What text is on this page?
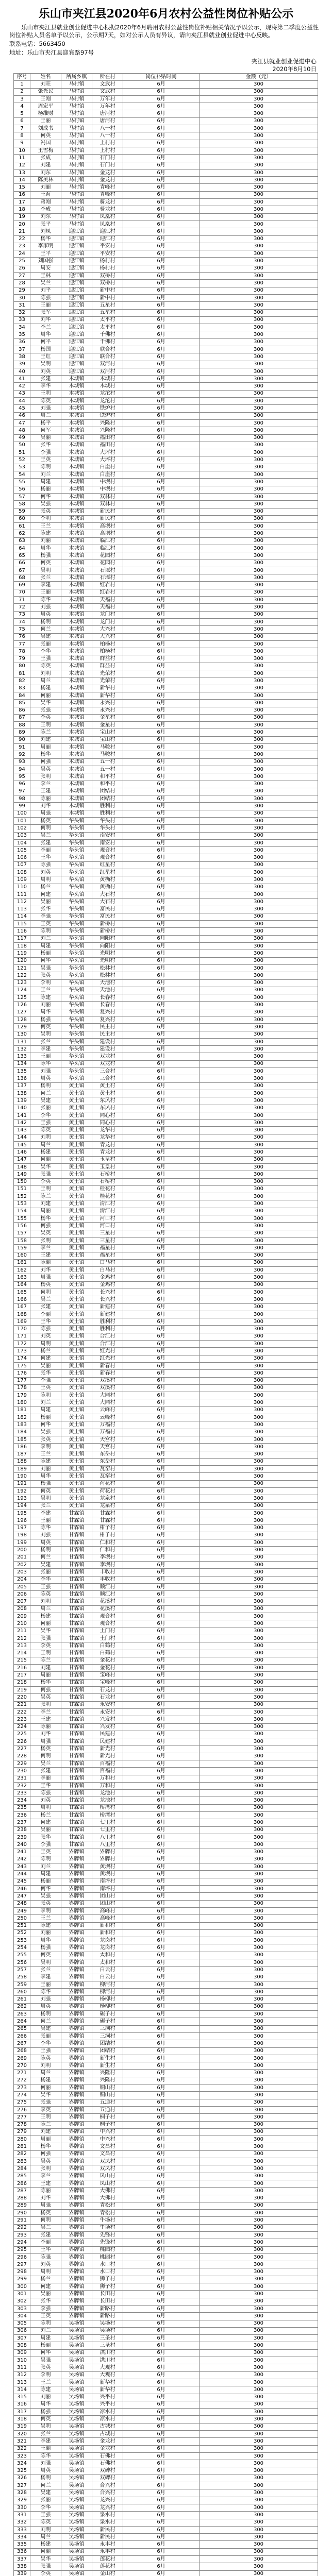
乐山市夹江县2020年6月农村公益性岗位补贴公示

乐山市夹江县就业创业促进中心根据2020年6月聘用农村公益性岗位补贴相关情况予以公示，现将第二季度公益性岗位补贴人员名单予以公示，公示期7天，如对公示人员有异议，请向夹江县就业创业促进中心反映。

联系电话：5663450
地址：乐山市夹江县迎宾路97号
夹江县就业创业促进中心
2020年8月10日
序号	姓名	所属乡镇	所在村	岗位补贴时间	金额（元）
1	刘旺	马村镇	文武村	6月	300
2	张光民	马村镇	文武村	6月	300
3	王刚	马村镇	万年村	6月	300
4	周宏平	马村镇	万年村	6月	300
5	杨维财	马村镇	唐河村	6月	300
6	王丽	马村镇	唐河村	6月	300
7	刘成书	马村镇	八一村	6月	300
8	何英	马村镇	八一村	6月	300
9	冯国	马村镇	上村村	6月	300
10	王雪梅	马村镇	上村村	6月	300
11	张成	马村镇	石门村	6月	300
12	刘建	马村镇	石门村	6月	300
13	刘东	马村镇	金龙村	6月	300
14	陈美林	马村镇	金龙村	6月	300
15	刘丽	马村镇	青峰村	6月	300
16	王海	马村镇	青峰村	6月	300
17	蒋刚	马村镇	骑龙村	6月	300
18	李成	马村镇	骑龙村	6月	300
19	刘东	马村镇	凤凰村	6月	300
20	张平	马村镇	凤凰村	6月	300
21	刘凤	迎江镇	迎江村	6月	300
22	杨华	迎江镇	迎江村	6月	300
23	李家明	迎江镇	平安村	6月	300
24	王平	迎江镇	平安村	6月	300
25	刘国强	迎江镇	杨村村	6月	300
26	周安	迎江镇	杨村村	6月	300
27	王林	迎江镇	双桥村	6月	300
28	吴兰	迎江镇	双桥村	6月	300
29	刘平	迎江镇	新中村	6月	300
30	陈强	迎江镇	新中村	6月	300
31	王丽	迎江镇	五星村	6月	300
32	张军	迎江镇	五星村	6月	300
33	刘华	迎江镇	太平村	6月	300
34	李兰	迎江镇	太平村	6月	300
35	周华	迎江镇	千佛村	6月	300
36	何平	迎江镇	千佛村	6月	300
37	杨国	迎江镇	联合村	6月	300
38	王红	迎江镇	联合村	6月	300
39	吴明	迎江镇	双河村	6月	300
40	刘英	迎江镇	双河村	6月	300
41	张建	木城镇	木城村	6月	300
42	李华	木城镇	木城村	6月	300
43	王明	木城镇	龙沱村	6月	300
44	陈英	木城镇	龙沱村	6月	300
45	刘强	木城镇	铁炉村	6月	300
46	周兰	木城镇	铁炉村	6月	300
47	杨平	木城镇	兴隆村	6月	300
48	何军	木城镇	兴隆村	6月	300
49	吴丽	木城镇	福田村	6月	300
50	张华	木城镇	福田村	6月	300
51	李强	木城镇	大坪村	6月	300
52	王英	木城镇	大坪村	6月	300
53	陈明	木城镇	白崖村	6月	300
54	刘兰	木城镇	白崖村	6月	300
55	周建	木城镇	中坝村	6月	300
56	杨丽	木城镇	中坝村	6月	300
57	何华	木城镇	双林村	6月	300
58	吴强	木城镇	双林村	6月	300
59	张英	木城镇	新民村	6月	300
60	李明	木城镇	新民村	6月	300
61	王兰	木城镇	高坝村	6月	300
62	陈建	木城镇	高坝村	6月	300
63	刘丽	木城镇	临江村	6月	300
64	周华	木城镇	临江村	6月	300
65	杨强	木城镇	花园村	6月	300
66	何英	木城镇	花园村	6月	300
67	吴明	木城镇	石堰村	6月	300
68	张兰	木城镇	石堰村	6月	300
69	李建	木城镇	红岩村	6月	300
70	王丽	木城镇	红岩村	6月	300
71	陈华	木城镇	天福村	6月	300
72	刘强	木城镇	天福村	6月	300
73	周英	木城镇	龙门村	6月	300
74	杨明	木城镇	龙门村	6月	300
75	何兰	木城镇	大兴村	6月	300
76	吴建	木城镇	大兴村	6月	300
77	张丽	木城镇	柏杨村	6月	300
78	李华	木城镇	柏杨村	6月	300
79	王强	木城镇	群益村	6月	300
80	陈英	木城镇	群益村	6月	300
81	刘明	木城镇	光荣村	6月	300
82	周兰	木城镇	光荣村	6月	300
83	杨建	木城镇	新华村	6月	300
84	何丽	木城镇	新华村	6月	300
85	吴华	木城镇	永兴村	6月	300
86	张强	木城镇	永兴村	6月	300
87	李英	木城镇	金星村	6月	300
88	王明	木城镇	金星村	6月	300
89	陈兰	木城镇	宝山村	6月	300
90	刘建	木城镇	宝山村	6月	300
91	周丽	木城镇	马鞍村	6月	300
92	杨华	木城镇	马鞍村	6月	300
93	何强	木城镇	五一村	6月	300
94	吴英	木城镇	五一村	6月	300
95	张明	木城镇	和平村	6月	300
96	李兰	木城镇	和平村	6月	300
97	王建	木城镇	团结村	6月	300
98	陈丽	木城镇	团结村	6月	300
99	刘华	木城镇	胜利村	6月	300
100	周强	木城镇	胜利村	6月	300
101	杨英	华头镇	华头村	6月	300
102	何明	华头镇	华头村	6月	300
103	吴兰	华头镇	南安村	6月	300
104	张建	华头镇	南安村	6月	300
105	李丽	华头镇	观音村	6月	300
106	王华	华头镇	观音村	6月	300
107	陈强	华头镇	红星村	6月	300
108	刘英	华头镇	红星村	6月	300
109	周明	华头镇	黄桷村	6月	300
110	杨兰	华头镇	黄桷村	6月	300
111	何建	华头镇	大石村	6月	300
112	吴丽	华头镇	大石村	6月	300
113	张华	华头镇	富民村	6月	300
114	李强	华头镇	富民村	6月	300
115	王英	华头镇	新桥村	6月	300
116	陈明	华头镇	新桥村	6月	300
117	刘兰	华头镇	向阳村	6月	300
118	周建	华头镇	向阳村	6月	300
119	杨丽	华头镇	光明村	6月	300
120	何华	华头镇	光明村	6月	300
121	吴强	华头镇	松林村	6月	300
122	张英	华头镇	松林村	6月	300
123	李明	华头镇	天池村	6月	300
124	王兰	华头镇	天池村	6月	300
125	陈建	华头镇	长春村	6月	300
126	刘丽	华头镇	长春村	6月	300
127	周华	华头镇	复兴村	6月	300
128	杨强	华头镇	复兴村	6月	300
129	何英	华头镇	民主村	6月	300
130	吴明	华头镇	民主村	6月	300
131	张兰	华头镇	建设村	6月	300
132	李建	华头镇	建设村	6月	300
133	王丽	华头镇	双龙村	6月	300
134	陈华	华头镇	双龙村	6月	300
135	刘强	华头镇	三合村	6月	300
136	周英	华头镇	三合村	6月	300
137	杨明	黄土镇	黄土村	6月	300
138	何兰	黄土镇	黄土村	6月	300
139	吴建	黄土镇	东风村	6月	300
140	张丽	黄土镇	东风村	6月	300
141	李华	黄土镇	同心村	6月	300
142	王强	黄土镇	同心村	6月	300
143	陈英	黄土镇	龙华村	6月	300
144	刘明	黄土镇	龙华村	6月	300
145	周兰	黄土镇	青龙村	6月	300
146	杨建	黄土镇	青龙村	6月	300
147	何丽	黄土镇	玉皇村	6月	300
148	吴华	黄土镇	玉皇村	6月	300
149	张强	黄土镇	石桥村	6月	300
150	李英	黄土镇	石桥村	6月	300
151	王明	黄土镇	桂花村	6月	300
152	陈兰	黄土镇	桂花村	6月	300
153	刘建	黄土镇	清江村	6月	300
154	周丽	黄土镇	清江村	6月	300
155	杨华	黄土镇	河口村	6月	300
156	何强	黄土镇	河口村	6月	300
157	吴英	黄土镇	三星村	6月	300
158	张明	黄土镇	三星村	6月	300
159	李兰	黄土镇	福星村	6月	300
160	王建	黄土镇	福星村	6月	300
161	陈丽	黄土镇	白马村	6月	300
162	刘华	黄土镇	白马村	6月	300
163	周强	黄土镇	金鸡村	6月	300
164	杨英	黄土镇	金鸡村	6月	300
165	何明	黄土镇	长兴村	6月	300
166	吴兰	黄土镇	长兴村	6月	300
167	张建	黄土镇	新建村	6月	300
168	李丽	黄土镇	新建村	6月	300
169	王华	黄土镇	胜利村	6月	300
170	陈强	黄土镇	胜利村	6月	300
171	刘英	黄土镇	合江村	6月	300
172	周明	黄土镇	合江村	6月	300
173	杨兰	黄土镇	红光村	6月	300
174	何建	黄土镇	红光村	6月	300
175	吴丽	黄土镇	新春村	6月	300
176	张华	黄土镇	新春村	6月	300
177	李强	黄土镇	双溪村	6月	300
178	王英	黄土镇	双溪村	6月	300
179	陈明	黄土镇	大同村	6月	300
180	刘兰	黄土镇	大同村	6月	300
181	周建	黄土镇	云峰村	6月	300
182	杨丽	黄土镇	云峰村	6月	300
183	何华	黄土镇	万福村	6月	300
184	吴强	黄土镇	万福村	6月	300
185	张英	黄土镇	天宫村	6月	300
186	李明	黄土镇	天宫村	6月	300
187	王兰	黄土镇	东岳村	6月	300
188	陈建	黄土镇	东岳村	6月	300
189	刘丽	黄土镇	瓦窑村	6月	300
190	周华	黄土镇	瓦窑村	6月	300
191	杨强	黄土镇	荷花村	6月	300
192	何英	黄土镇	荷花村	6月	300
193	吴明	黄土镇	龙泉村	6月	300
194	张兰	黄土镇	龙泉村	6月	300
195	李建	甘霖镇	甘霖村	6月	300
196	王丽	甘霖镇	甘霖村	6月	300
197	陈华	甘霖镇	柑子村	6月	300
198	刘强	甘霖镇	柑子村	6月	300
199	周英	甘霖镇	仁和村	6月	300
200	杨明	甘霖镇	仁和村	6月	300
201	何兰	甘霖镇	李坝村	6月	300
202	吴建	甘霖镇	李坝村	6月	300
203	张丽	甘霖镇	丰收村	6月	300
204	李华	甘霖镇	丰收村	6月	300
205	王强	甘霖镇	顺江村	6月	300
206	陈英	甘霖镇	顺江村	6月	300
207	刘明	甘霖镇	花溪村	6月	300
208	周兰	甘霖镇	花溪村	6月	300
209	杨建	甘霖镇	观音村	6月	300
210	何丽	甘霖镇	观音村	6月	300
211	吴华	甘霖镇	土门村	6月	300
212	张强	甘霖镇	土门村	6月	300
213	李英	甘霖镇	白鹤村	6月	300
214	王明	甘霖镇	白鹤村	6月	300
215	陈兰	甘霖镇	金花村	6月	300
216	刘建	甘霖镇	金花村	6月	300
217	周丽	甘霖镇	宝峰村	6月	300
218	杨华	甘霖镇	宝峰村	6月	300
219	何强	甘霖镇	石龙村	6月	300
220	吴英	甘霖镇	石龙村	6月	300
221	张明	甘霖镇	永安村	6月	300
222	李兰	甘霖镇	永安村	6月	300
223	王建	甘霖镇	兴发村	6月	300
224	陈丽	甘霖镇	兴发村	6月	300
225	刘华	甘霖镇	民建村	6月	300
226	周强	甘霖镇	民建村	6月	300
227	杨英	甘霖镇	新光村	6月	300
228	何明	甘霖镇	新光村	6月	300
229	吴兰	甘霖镇	百福村	6月	300
230	张建	甘霖镇	百福村	6月	300
231	李丽	甘霖镇	万和村	6月	300
232	王华	甘霖镇	万和村	6月	300
233	陈强	甘霖镇	龙池村	6月	300
234	刘英	甘霖镇	龙池村	6月	300
235	周明	甘霖镇	桥湾村	6月	300
236	杨兰	甘霖镇	桥湾村	6月	300
237	何建	甘霖镇	七里村	6月	300
238	吴丽	甘霖镇	七里村	6月	300
239	张华	甘霖镇	八里村	6月	300
240	李强	甘霖镇	八里村	6月	300
241	王英	界牌镇	界牌村	6月	300
242	陈明	界牌镇	界牌村	6月	300
243	刘兰	界牌镇	黄坝村	6月	300
244	周建	界牌镇	黄坝村	6月	300
245	杨丽	界牌镇	南坪村	6月	300
246	何华	界牌镇	南坪村	6月	300
247	吴强	界牌镇	团山村	6月	300
248	张英	界牌镇	团山村	6月	300
249	李明	界牌镇	高峰村	6月	300
250	王兰	界牌镇	高峰村	6月	300
251	陈建	界牌镇	新和村	6月	300
252	刘丽	界牌镇	新和村	6月	300
253	周华	界牌镇	龙岗村	6月	300
254	杨强	界牌镇	龙岗村	6月	300
255	何英	界牌镇	太和村	6月	300
256	吴明	界牌镇	太和村	6月	300
257	张兰	界牌镇	白云村	6月	300
258	李建	界牌镇	白云村	6月	300
259	王丽	界牌镇	柳河村	6月	300
260	陈华	界牌镇	柳河村	6月	300
261	刘强	界牌镇	杨柳村	6月	300
262	周英	界牌镇	杨柳村	6月	300
263	杨明	界牌镇	碾子村	6月	300
264	何兰	界牌镇	碾子村	6月	300
265	吴建	界牌镇	三洞村	6月	300
266	张丽	界牌镇	三洞村	6月	300
267	李华	界牌镇	团结村	6月	300
268	王强	界牌镇	团结村	6月	300
269	陈英	界牌镇	新生村	6月	300
270	刘明	界牌镇	新生村	6月	300
271	周兰	界牌镇	兴隆村	6月	300
272	杨建	界牌镇	兴隆村	6月	300
273	何丽	界牌镇	铜山村	6月	300
274	吴华	界牌镇	铜山村	6月	300
275	张强	界牌镇	五通村	6月	300
276	李英	界牌镇	五通村	6月	300
277	王明	界牌镇	桐子村	6月	300
278	陈兰	界牌镇	桐子村	6月	300
279	刘建	界牌镇	中兴村	6月	300
280	周丽	界牌镇	中兴村	6月	300
281	杨华	界牌镇	文昌村	6月	300
282	何强	界牌镇	文昌村	6月	300
283	吴英	界牌镇	双凤村	6月	300
284	张明	界牌镇	双凤村	6月	300
285	李兰	界牌镇	凤山村	6月	300
286	王建	界牌镇	凤山村	6月	300
287	陈丽	界牌镇	大佛村	6月	300
288	刘华	界牌镇	大佛村	6月	300
289	周强	界牌镇	青松村	6月	300
290	杨英	界牌镇	青松村	6月	300
291	何明	界牌镇	牛场村	6月	300
292	吴兰	界牌镇	牛场村	6月	300
293	张建	界牌镇	先锋村	6月	300
294	李丽	界牌镇	先锋村	6月	300
295	王华	界牌镇	桃园村	6月	300
296	陈强	界牌镇	桃园村	6月	300
297	刘英	界牌镇	水口村	6月	300
298	周明	界牌镇	水口村	6月	300
299	杨兰	界牌镇	狮子村	6月	300
300	何建	界牌镇	狮子村	6月	300
301	吴丽	界牌镇	长田村	6月	300
302	张华	界牌镇	长田村	6月	300
303	李强	界牌镇	新路村	6月	300
304	王英	界牌镇	新路村	6月	300
305	陈明	吴场镇	吴场村	6月	300
306	刘兰	吴场镇	吴场村	6月	300
307	周建	吴场镇	三圣村	6月	300
308	杨丽	吴场镇	三圣村	6月	300
309	何华	吴场镇	洪川村	6月	300
310	吴强	吴场镇	洪川村	6月	300
311	张英	吴场镇	大观村	6月	300
312	李明	吴场镇	大观村	6月	300
313	王兰	吴场镇	新华村	6月	300
314	陈建	吴场镇	新华村	6月	300
315	刘丽	吴场镇	兴平村	6月	300
316	周华	吴场镇	兴平村	6月	300
317	杨强	吴场镇	凉水村	6月	300
318	何英	吴场镇	凉水村	6月	300
319	吴明	吴场镇	古城村	6月	300
320	张兰	吴场镇	古城村	6月	300
321	李建	吴场镇	金龙村	6月	300
322	王丽	吴场镇	金龙村	6月	300
323	陈华	吴场镇	石佛村	6月	300
324	刘强	吴场镇	石佛村	6月	300
325	周英	吴场镇	双碑村	6月	300
326	杨明	吴场镇	双碑村	6月	300
327	何兰	吴场镇	合兴村	6月	300
328	吴建	吴场镇	合兴村	6月	300
329	张丽	吴场镇	龙兴村	6月	300
330	李华	吴场镇	龙兴村	6月	300
331	王强	吴场镇	泉水村	6月	300
332	陈英	吴场镇	泉水村	6月	300
333	刘明	吴场镇	新民村	6月	300
334	周兰	吴场镇	新民村	6月	300
335	杨建	吴场镇	永丰村	6月	300
336	何丽	吴场镇	永丰村	6月	300
337	吴华	吴场镇	莲花村	6月	300
338	张强	吴场镇	莲花村	6月	300
339	李英	吴场镇	金山村	6月	300
